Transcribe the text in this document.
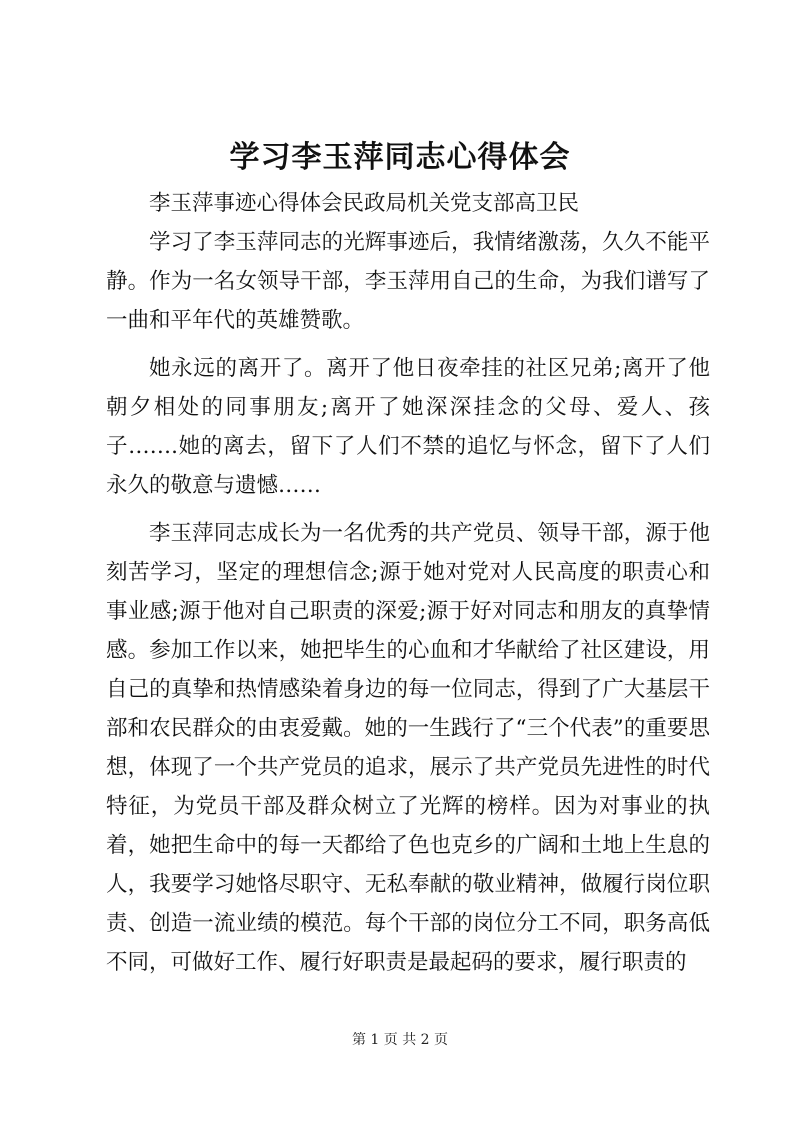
学习李玉萍同志心得体会

李玉萍事迹心得体会民政局机关党支部高卫民

学习了李玉萍同志的光辉事迹后，我情绪激荡，久久不能平静。作为一名女领导干部，李玉萍用自己的生命，为我们谱写了一曲和平年代的英雄赞歌。

她永远的离开了。离开了他日夜牵挂的社区兄弟;离开了他朝夕相处的同事朋友;离开了她深深挂念的父母、爱人、孩子…….她的离去，留下了人们不禁的追忆与怀念，留下了人们永久的敬意与遗憾……

李玉萍同志成长为一名优秀的共产党员、领导干部，源于他刻苦学习，坚定的理想信念;源于她对党对人民高度的职责心和事业感;源于他对自己职责的深爱;源于好对同志和朋友的真挚情感。参加工作以来，她把毕生的心血和才华献给了社区建设，用自己的真挚和热情感染着身边的每一位同志，得到了广大基层干部和农民群众的由衷爱戴。她的一生践行了“三个代表”的重要思想，体现了一个共产党员的追求，展示了共产党员先进性的时代特征，为党员干部及群众树立了光辉的榜样。因为对事业的执着，她把生命中的每一天都给了色也克乡的广阔和土地上生息的人，我要学习她恪尽职守、无私奉献的敬业精神，做履行岗位职责、创造一流业绩的模范。每个干部的岗位分工不同，职务高低不同，可做好工作、履行好职责是最起码的要求，履行职责的

第 1 页 共 2 页
